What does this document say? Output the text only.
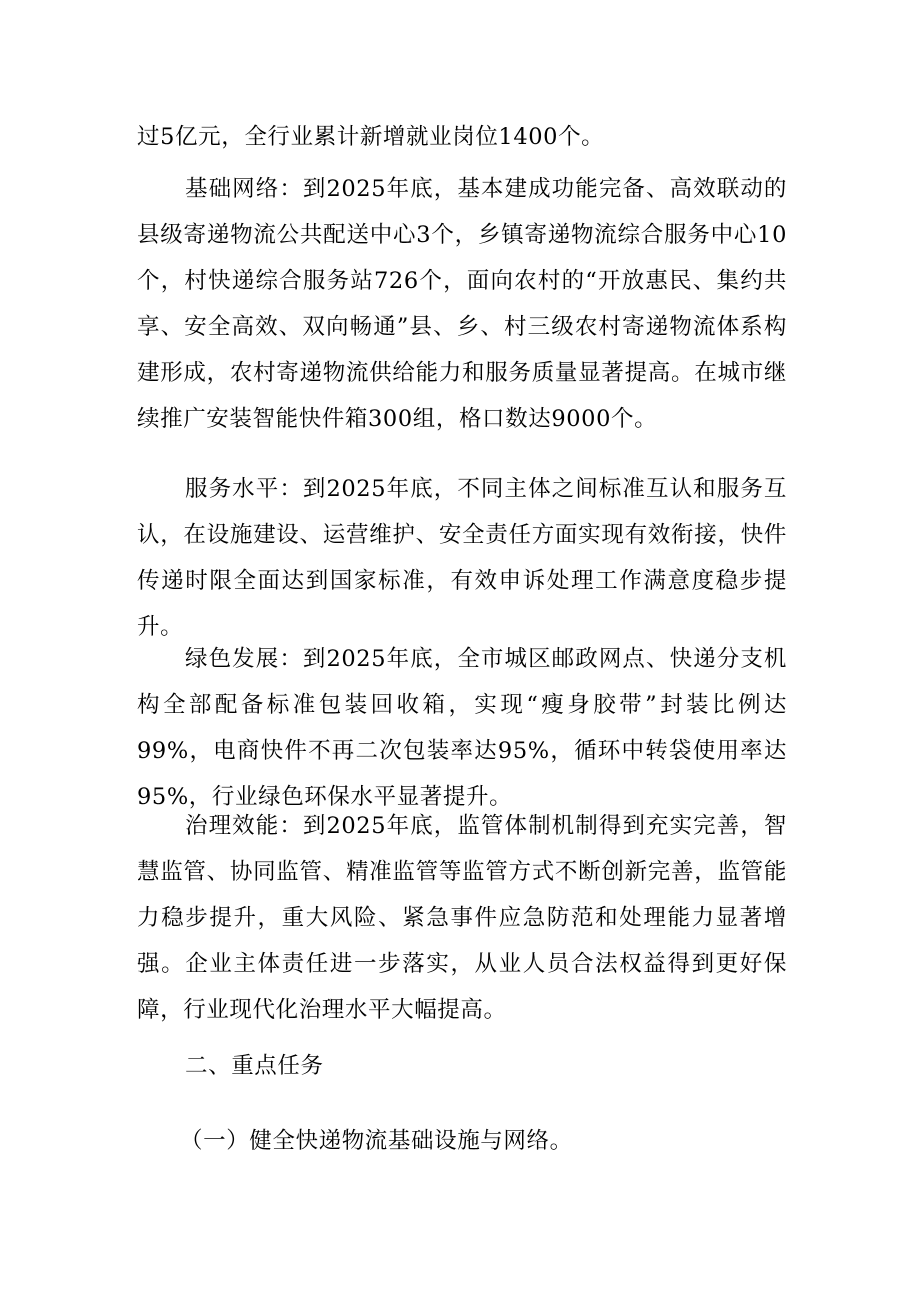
过5亿元，全行业累计新增就业岗位1400个。

基础网络：到2025年底，基本建成功能完备、高效联动的县级寄递物流公共配送中心3个，乡镇寄递物流综合服务中心10个，村快递综合服务站726个，面向农村的“开放惠民、集约共享、安全高效、双向畅通”县、乡、村三级农村寄递物流体系构建形成，农村寄递物流供给能力和服务质量显著提高。在城市继续推广安装智能快件箱300组，格口数达9000个。

服务水平：到2025年底，不同主体之间标准互认和服务互认，在设施建设、运营维护、安全责任方面实现有效衔接，快件传递时限全面达到国家标准，有效申诉处理工作满意度稳步提升。

绿色发展：到2025年底，全市城区邮政网点、快递分支机构全部配备标准包装回收箱，实现“瘦身胶带”封装比例达99%，电商快件不再二次包装率达95%，循环中转袋使用率达95%，行业绿色环保水平显著提升。

治理效能：到2025年底，监管体制机制得到充实完善，智慧监管、协同监管、精准监管等监管方式不断创新完善，监管能力稳步提升，重大风险、紧急事件应急防范和处理能力显著增强。企业主体责任进一步落实，从业人员合法权益得到更好保障，行业现代化治理水平大幅提高。

二、重点任务

（一）健全快递物流基础设施与网络。
